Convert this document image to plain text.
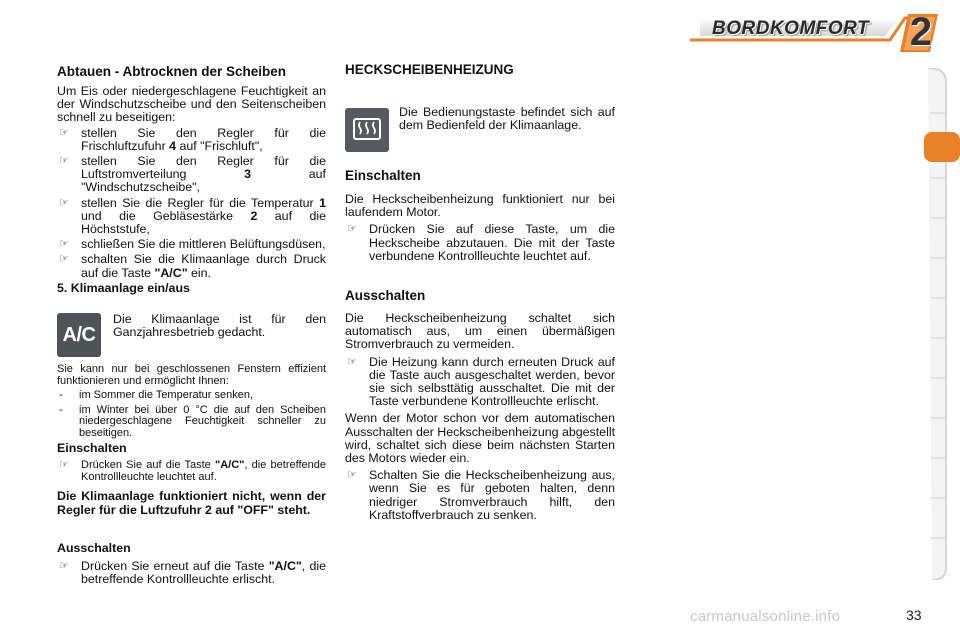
BORDKOMFORT 2
Abtauen - Abtrocknen der Scheiben

Um Eis oder niedergeschlagene Feuchtigkeit an der Windschutzscheibe und den Seitenscheiben schnell zu beseitigen:

☞ stellen Sie den Regler für die Frischluftzufuhr 4 auf "Frischluft",
☞ stellen Sie den Regler für die Luftstromverteilung 3 auf "Windschutzscheibe",
☞ stellen Sie die Regler für die Temperatur 1 und die Gebläsestärke 2 auf die Höchststufe,
☞ schließen Sie die mittleren Belüftungsdüsen,
☞ schalten Sie die Klimaanlage durch Druck auf die Taste "A/C" ein.
5. Klimaanlage ein/aus
A/C

Die Klimaanlage ist für den Ganzjahresbetrieb gedacht.

Sie kann nur bei geschlossenen Fenstern effizient funktionieren und ermöglicht Ihnen:

- im Sommer die Temperatur senken,
- im Winter bei über 0 °C die auf den Scheiben niedergeschlagene Feuchtigkeit schneller zu beseitigen.
Einschalten
☞ Drücken Sie auf die Taste "A/C", die betreffende Kontrollleuchte leuchtet auf.

Die Klimaanlage funktioniert nicht, wenn der Regler für die Luftzufuhr 2 auf "OFF" steht.

Ausschalten
☞ Drücken Sie erneut auf die Taste "A/C", die betreffende Kontrollleuchte erlischt.
HECKSCHEIBENHEIZUNG

Die Bedienungstaste befindet sich auf dem Bedienfeld der Klimaanlage.

Einschalten

Die Heckscheibenheizung funktioniert nur bei laufendem Motor.

☞ Drücken Sie auf diese Taste, um die Heckscheibe abzutauen. Die mit der Taste verbundene Kontrollleuchte leuchtet auf.
Ausschalten

Die Heckscheibenheizung schaltet sich automatisch aus, um einen übermäßigen Stromverbrauch zu vermeiden.

☞ Die Heizung kann durch erneuten Druck auf die Taste auch ausgeschaltet werden, bevor sie sich selbsttätig ausschaltet. Die mit der Taste verbundene Kontrollleuchte erlischt.

Wenn der Motor schon vor dem automatischen Ausschalten der Heckscheibenheizung abgestellt wird, schaltet sich diese beim nächsten Starten des Motors wieder ein.

☞ Schalten Sie die Heckscheibenheizung aus, wenn Sie es für geboten halten, denn niedriger Stromverbrauch hilft, den Kraftstoffverbrauch zu senken.
carmanualsonline.info	33
